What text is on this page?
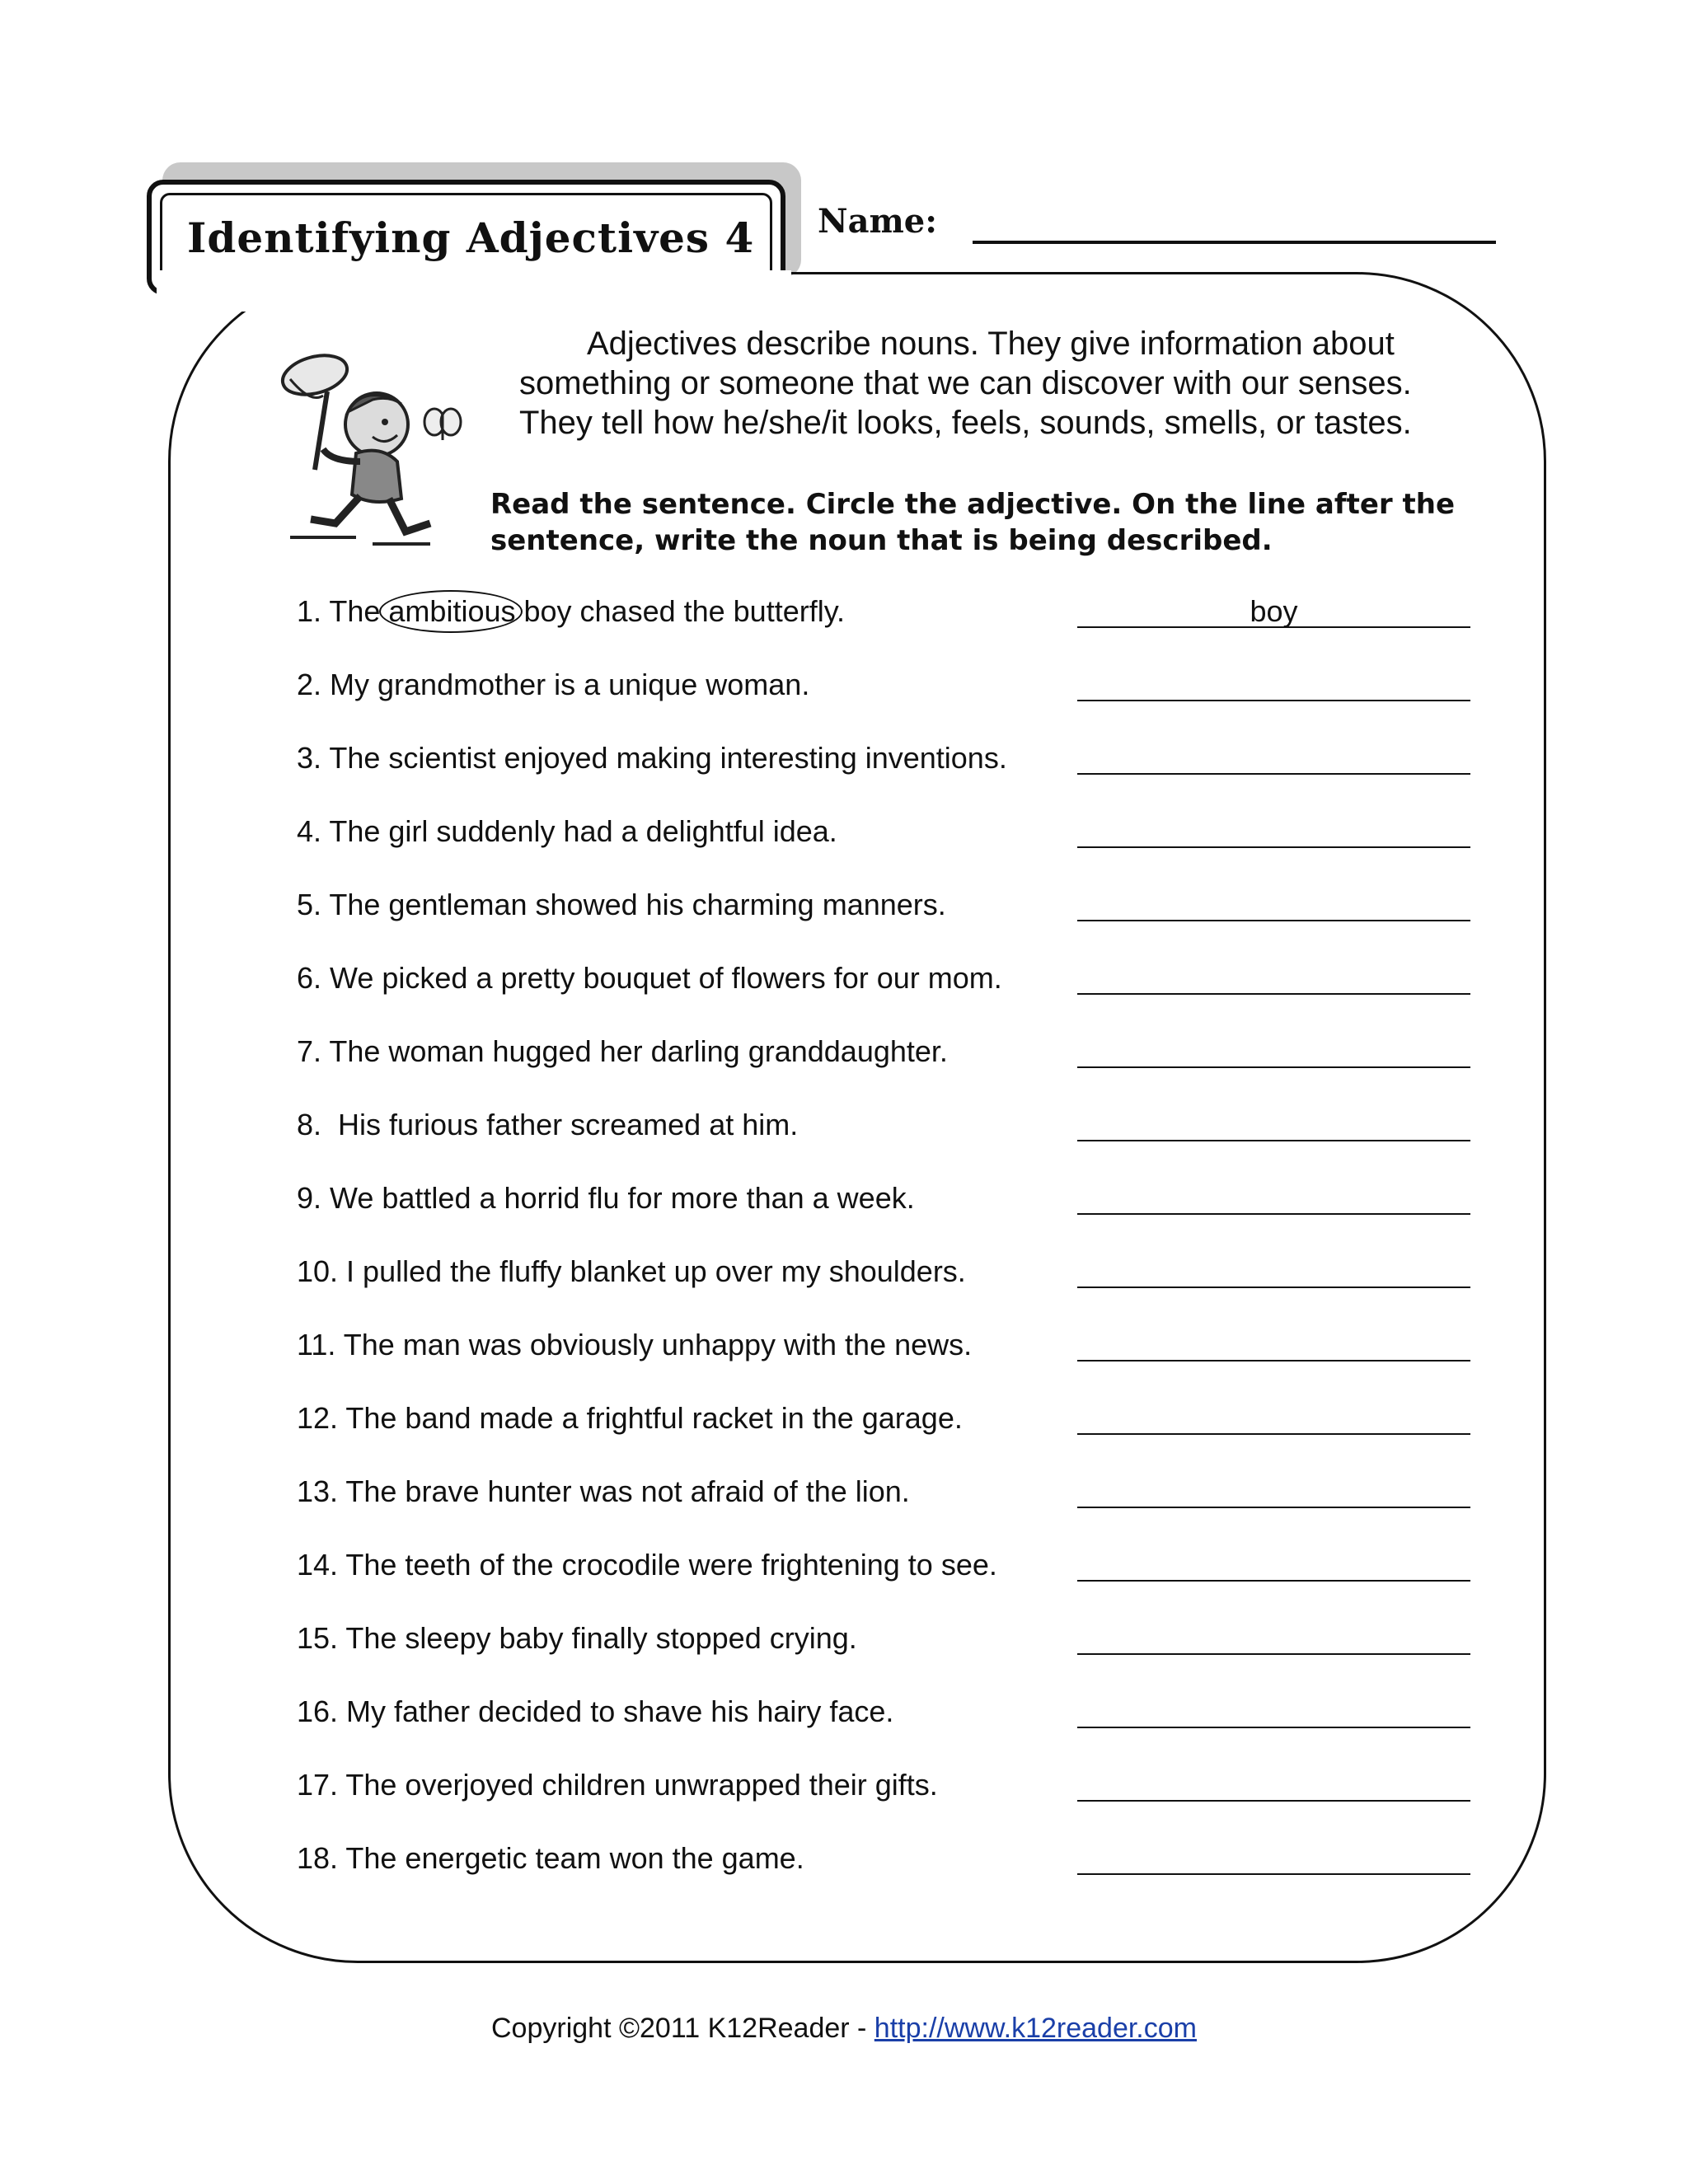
Identifying Adjectives 4 Name:

Adjectives describe nouns. They give information about

something or someone that we can discover with our senses.

They tell how he/she/it looks, feels, sounds, smells, or tastes.

Read the sentence. Circle the adjective. On the line after the sentence, write the noun that is being described.
1. The ambitious boy chased the butterfly.	boy
2. My grandmother is a unique woman.
3. The scientist enjoyed making interesting inventions.
4. The girl suddenly had a delightful idea.
5. The gentleman showed his charming manners.
6. We picked a pretty bouquet of flowers for our mom.
7. The woman hugged her darling granddaughter.
8.  His furious father screamed at him.
9. We battled a horrid flu for more than a week.
10. I pulled the fluffy blanket up over my shoulders.
11. The man was obviously unhappy with the news.
12. The band made a frightful racket in the garage.
13. The brave hunter was not afraid of the lion.
14. The teeth of the crocodile were frightening to see.
15. The sleepy baby finally stopped crying.
16. My father decided to shave his hairy face.
17. The overjoyed children unwrapped their gifts.
18. The energetic team won the game.
Copyright ©2011 K12Reader - http://www.k12reader.com
